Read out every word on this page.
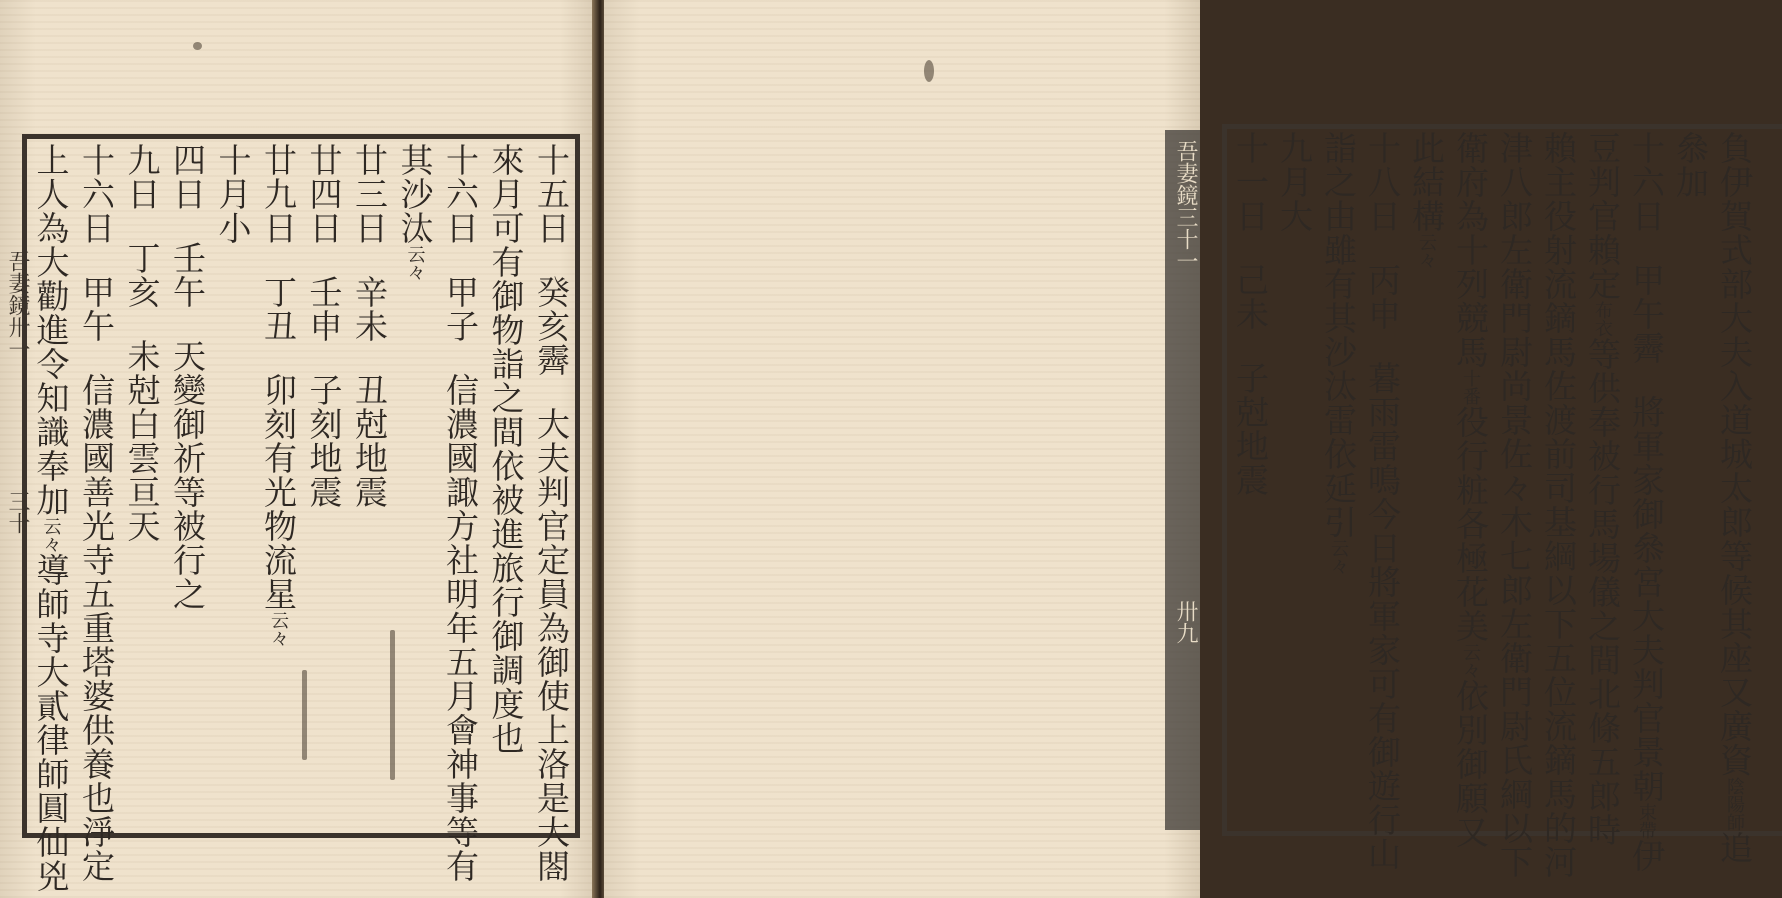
十五日癸亥霽大夫判官定員為御使上洛是大閤
來月可有御物詣之間依被進旅行御調度也
十六日甲子信濃國諏方社明年五月會神事等有
其沙汰云々
廿三日辛未丑尅地震
廿四日壬申子刻地震
廿九日丁丑卯刻有光物流星云々
十月小
四日壬午天變御祈等被行之
九日丁亥未尅白雲亘天
十六日甲午信濃國善光寺五重塔婆供養也淨定
上人為大勸進令知識奉加云々導師寺大貳律師圓仙兇
吾妻鏡卅一
三十	負伊賀式部大夫入道城太郎等候其座又廣資陰陽師追
叅加
十六日甲午霽將軍家御叅宮大夫判官景朝束帶伊
豆判官賴定布衣等供奉被行馬場儀之間北條五郎時
賴主役射流鏑馬佐渡前司基綱以下五位流鏑馬的河
津八郎左衛門尉尚景佐々木七郎左衛門尉氏綱以下
衛府為十列競馬十番役行粧各極花美云々依別御願又
此結構云々
十八日丙申暮雨雷鳴今日將軍家可有御遊行山
詣之由雖有其沙汰雷依延引云々
九月大
十一日己未子尅地震
吾妻鏡三十一
卅九
